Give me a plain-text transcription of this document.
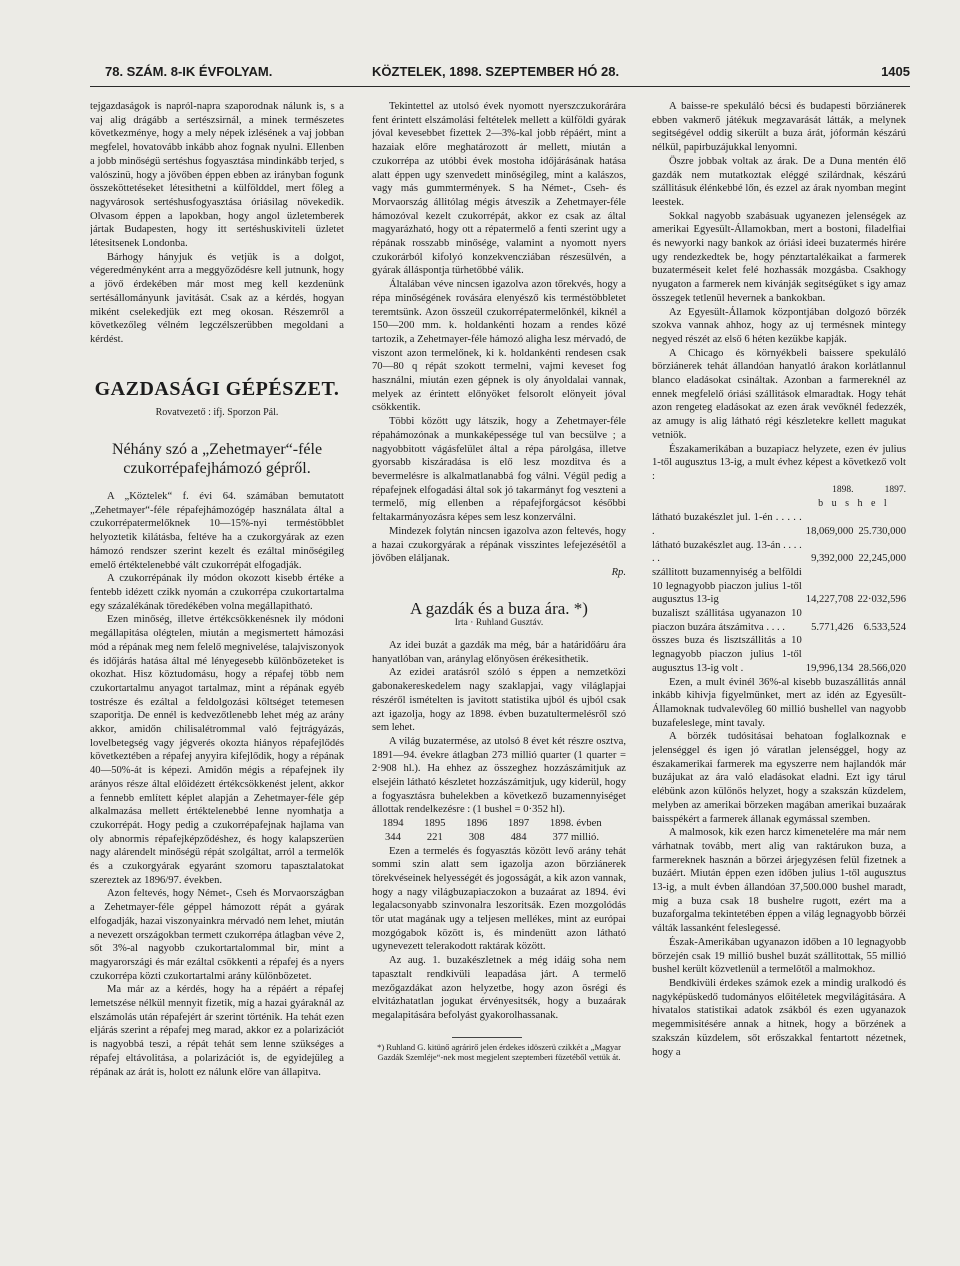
78. SZÁM. 8-IK ÉVFOLYAM.	KÖZTELEK, 1898. SZEPTEMBER HÓ 28.	1405

tejgazdaságok is napról-napra szaporodnak nálunk is, s a vaj alig drágább a sertészsirnál, a minek természetes következménye, hogy a mely népek izlésének a vaj jobban megfelel, hovatovább inkább ahoz fognak nyulni. Ellenben a jobb minőségü sertéshus fogyasztása mindinkább terjed, s valószinü, hogy a jövőben éppen ebben az irányban fogunk összeköttetéseket létesithetni a külfölddel, mert főleg a nagyvárosok sertéshusfogyasztása óriásilag növekedik. Olvasom éppen a lapokban, hogy angol üzletemberek jártak Budapesten, hogy itt sertéshuskiviteli üzletet létesitsenek Londonba.

Bárhogy hányjuk és vetjük is a dolgot, végeredményként arra a meggyőződésre kell jutnunk, hogy a jövő érdekében már most meg kell kezdenünk sertésállományunk javitását. Csak az a kérdés, hogyan miként cselekedjük ezt meg okosan. Részemről a következőleg vélném legczélszerübben megoldani a kérdést.

GAZDASÁGI GÉPÉSZET.
Rovatvezető : ifj. Sporzon Pál.
Néhány szó a „Zehetmayer“-féle czukorrépafejhámozó gépről.

A „Köztelek“ f. évi 64. számában bemutatott „Zehetmayer“-féle répafejhámozógép használata által a czukorrépatermelőknek 10—15%-nyi terméstöbblet helyoztetik kilátásba, feltéve ha a czukorgyárak az ezen hámozó rendszer szerint kezelt és ezáltal minőségileg emelő értéktelenebbé vált czukorrépát elfogadják.

A czukorrépának ily módon okozott kisebb értéke a fentebb idézett czikk nyomán a czukorrépa czukortartalma egy százalékának töredékében volna megállapitható.

Ezen minőség, illetve értékcsökkenésnek ily módoni megállapitása olégtelen, miután a megismertett hámozási mód a répának meg nem felelő megnivelése, talajviszonyok és időjárás hatása által mé lényegesebb különbözeteket is okozhat. Hisz köztudomásu, hogy a répafej több nem czukortartalmu anyagot tartalmaz, mint a répának egyéb tostrésze és ezáltal a feldolgozási költséget tetemesen szaporitja. De ennél is kedvezőtlenebb lehet még az arány akkor, amidőn chilisalétrommal való fejtrágyázás, lovelbetegség vagy jégverés okozta hiányos répafejlődés következtében a répafej anyyira kifejlődik, hogy a répának 40—50%-át is képezi. Amidőn mégis a répafejnek ily arányos része által előidézett értékcsökkenést jelent, akkor a fennebb említett képlet alapján a Zehetmayer-féle gép alkalmazása mellett értéktelenebbé lenne nyomhatja a czukorrépát. Hogy pedig a czukorrépafejnak hajlama van oly abnormis répafejképződéshez, és hogy kalapszerüen nagy alárendelt minőségü répát szolgáltat, arról a termelők és a czukorgyárak egyaránt szomoru tapasztalatokat szereztek az 1896/97. években.

Azon feltevés, hogy Német-, Cseh és Morvaországban a Zehetmayer-féle géppel hámozott répát a gyárak elfogadják, hazai viszonyainkra mérvadó nem lehet, miután a nevezett országokban termett czukorrépa átlagban véve 2, sőt 3%-al nagyobb czukortartalommal bir, mint a magyarországi és már ezáltal csökkenti a répafej és a nyers czukorrépa közti czukortartalmi arány különbözetet.

Ma már az a kérdés, hogy ha a répáért a répafej lemetszése nélkül mennyit fizetik, míg a hazai gyáraknál az elszámolás után répafejért ár szerint történik. Ha tehát ezen eljárás szerint a répafej meg marad, akkor ez a polarizációt is nagyobbá teszi, a répát tehát sem lenne szükséges a répafej eltávolitása, a polarizációt is, de egyidejüleg a répának az árát is, holott ez nálunk előre van állapitva.

Tekintettel az utolsó évek nyomott nyerszczukorárára fent érintett elszámolási feltételek mellett a külföldi gyárak jóval kevesebbet fizettek 2—3%-kal jobb répáért, mint a hazaiak előre meghatározott ár mellett, miután a czukorrépa az utóbbi évek mostoha időjárásának hatása alatt éppen ugy szenvedett minőségileg, mint a kalászos, vagy más gummtermények. S ha Német-, Cseh- és Morvaország állitólag mégis átveszik a Zehetmayer-féle hámozóval kezelt czukorrépát, akkor ez csak az által magyarázható, hogy ott a répatermelő a fenti szerint ugy a répának rosszabb minősége, valamint a nyomott nyers czukorárból kifolyó konzekvencziában részesülvén, a gyárak álláspontja türhetőbbé válik.

Általában véve nincsen igazolva azon tőrekvés, hogy a répa minőségének rovására elenyésző kis terméstöbbletet teremtsünk. Azon összeül czukorrépatermelőnkél, kiknél a 150—200 mm. k. holdankénti hozam a rendes közé tartozik, a Zehetmayer-féle hámozó aligha lesz mérvadó, de viszont azon termelőnek, ki k. holdankénti rendesen csak 70—80 q répát szokott termelni, vajmi keveset fog használni, miután ezen gépnek is oly ányoldalai vannak, melyek az érintett előnyöket felsorolt elönyeit jóval csökkentik.

Többi között ugy látszik, hogy a Zehetmayer-féle répahámozónak a munkaképessége tul van becsülve ; a nagyobbitott vágásfelület által a répa párolgása, illetve gyorsabb kiszáradása is elő lesz mozditva és a bevermelésre is alkalmatlanabbá fog válni. Végül pedig a répafejnek elfogadási által sok jó takarmányt fog veszteni a termelő, míg ellenben a répafejforgácsot későbbi feltakarmányozásra képes sem lesz konzerválni.

Mindezek folytán nincsen igazolva azon feltevés, hogy a hazai czukorgyárak a répának visszintes lefejezésétől a jövőben eláljanak.

Rp.
A gazdák és a buza ára. *)
Irta · Ruhland Gusztáv.

Az idei buzát a gazdák ma még, bár a határidőáru ára hanyatlóban van, aránylag előnyösen érékesithetik.

Az ezidei aratásról szóló s éppen a nemzetközi gabonakereskedelem nagy szaklapjai, vagy világlapjai részéről ismételten is javitott statistika ujból és ujból csak azt igazolja, hogy az 1898. évben buzatultermelésről szó sem lehet.

A világ buzatermése, az utolsó 8 évet két részre osztva, 1891—94. évekre átlagban 273 millió quarter (1 quarter = 2·908 hl.). Ha ehhez az összeghez hozzászámitjuk az elsejéin látható készletet hozzászámitjuk, ugy kiderül, hogy a fogyasztásra buhelekben a következő buzamennyiséget állottak rendelkezésre : (1 bushel = 0·352 hl).

1894 1895 1896 1897 1898. évben
344 221 308 484 377 millió.

Ezen a termelés és fogyasztás között levő arány tehát sommi szin alatt sem igazolja azon börziánerek törekvéseinek helyességét és jogosságát, a kik azon vannak, hogy a nagy világbuzapiaczokon a buzaárat az 1894. évi legalacsonyabb szinvonalra leszoritsák. Ezen mozgolódás tör utat magának ugy a teljesen mellékes, mint az európai mozgógabok között is, és mindenütt azon látható ugynevezett telerakodott raktárak között.

Az aug. 1. buzakészletnek a még idáig soha nem tapasztalt rendkivüli leapadása járt. A termelő mezőgazdákat azon helyzetbe, hogy azon ösrégi és elvitázhatatlan jogukat érvényesitsék, hogy a buzaárak megalapitására befolyást gyakorolhassanak.

*) Ruhland G. kitünő agrárirő jelen érdekes idöszerü czikkét a „Magyar Gazdák Szemléje“-nek most megjelent szeptemberi füzetéből vettük át.

A baisse-re spekuláló bécsi és budapesti börziánerek ebben vakmerő játékuk megzavarását látták, a melynek segitségével oddig sikerült a buza árát, jóformán készárú nélkül, papirbuzájukkal lenyomni.

Öszre jobbak voltak az árak. De a Duna mentén élő gazdák nem mutatkoztak eléggé szilárdnak, készárú szállitásuk élénkebbé lőn, és ezzel az árak nyomban megint leestek.

Sokkal nagyobb szabásuak ugyanezen jelenségek az amerikai Egyesült-Államokban, mert a bostoni, filadelfiai és newyorki nagy bankok az óriási ideei buzatermés hirére ugy rendezkedtek be, hogy pénztartalékaikat a farmerek buzaterméseit kelet felé hozhassák mozgásba. Csakhogy nyugaton a farmerek nem kivánják segitségüket s igy amaz összegek tetlenül hevernek a bankokban.

Az Egyesült-Államok központjában dolgozó börzék szokva vannak ahhoz, hogy az uj termésnek mintegy negyed részét az első 6 héten kezükbe kapják.

A Chicago és környékbeli baissere spekuláló börziánerek tehát állandóan hanyatló árakon korlátlannul blanco eladásokat csináltak. Azonban a farmereknél az ennek megfelelő óriási szállitások elmaradtak. Hogy tehát azon rengeteg eladásokat az ezen árak vevőknél fedezzék, az amugy is alig látható régi készletekre kellett magukat vetniök.

Északamerikában a buzapiacz helyzete, ezen év julius 1-től augusztus 13-ig, a mult évhez képest a következő volt :

	1898.	1897.
	b u s h e l	
látható buzakészlet jul. 1-én . . . . . .	18,069,000	25.730,000
látható buzakészlet aug. 13-án . . . . . .	9,392,000	22,245,000
szállitott buzamennyiség a belföldi 10 legnagyobb piaczon julius 1-től augusztus 13-ig	14,227,708	22·032,596
buzaliszt szállitása ugyanazon 10 piaczon buzára átszámitva . . . .	5.771,426	6.533,524
összes buza és lisztszállitás a 10 legnagyobb piaczon julius 1-től augusztus 13-ig volt .	19,996,134	28.566,020

Ezen, a mult évinél 36%-al kisebb buzaszállitás annál inkább kihivja figyelmünket, mert az idén az Egyesült-Államoknak tudvalevőleg 60 millió bushellel van nagyobb buzafeleslege, mint tavaly.

A börzék tudósitásai behatoan foglalkoznak e jelenséggel és igen jó váratlan jelenséggel, hogy az északamerikai farmerek ma egyszerre nem hajlandók már buzájukat az ára való eladásokat eladni. Ezt igy tárul elébünk azon különös helyzet, hogy a szakszán küzdelem, melyben az amerikai börzeken magában amerikai buzaárak baisspékért a farmerek állanak egymással szemben.

A malmosok, kik ezen harcz kimenetelére ma már nem várhatnak tovább, mert alig van raktárukon buza, a farmereknek hasznán a börzei árjegyzésen felül fizetnek a buzáért. Miután éppen ezen időben julius 1-től augusztus 13-ig, a mult évben állandóan 37,500.000 bushel maradt, mig a buza csak 18 bushelre rugott, ezért ma a buzaforgalma tekintetében éppen a világ legnagyobb börzéi válták lassanként feleslegessé.

Észak-Amerikában ugyanazon időben a 10 legnagyobb börzején csak 19 millió bushel buzát szállitottak, 55 millió bushel került közvetlenül a termelőtől a malmokhoz.

Bendkivüli érdekes számok ezek a mindig uralkodó és nagyképüskedő tudományos előitéletek megvilágitására. A hivatalos statistikai adatok zsákból és ezen ugyanazok megemmisitésére annak a hitnek, hogy a börzének a szakszán küzdelem, sőt erőszakkal fentartott nézetnek, hogy a
